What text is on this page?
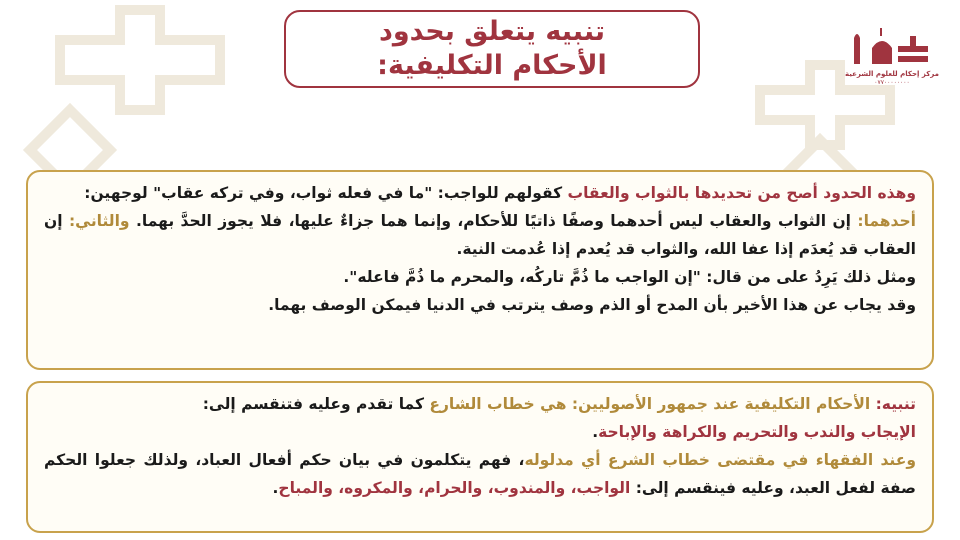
تنبيه يتعلق بحدود
الأحكام التكليفية:	مركز إحكام للعلوم الشرعية
٠٧٧٠٠٠٠٠٠٠٠

وهذه الحدود أصح من تحديدها بالثواب والعقاب كقولهم للواجب: "ما في فعله ثواب، وفي تركه عقاب" لوجهين:

أحدهما: إن الثواب والعقاب ليس أحدهما وصفًا ذاتيًا للأحكام، وإنما هما جزاءٌ عليها، فلا يجوز الحدَّ بهما. والثاني: إن العقاب قد يُعدَم إذا عفا الله، والثواب قد يُعدم إذا عُدمت النية.

ومثل ذلك يَرِدُ على من قال: "إن الواجب ما ذُمَّ تاركُه، والمحرم ما ذُمَّ فاعله".

وقد يجاب عن هذا الأخير بأن المدح أو الذم وصف يترتب في الدنيا فيمكن الوصف بهما.

تنبيه: الأحكام التكليفية عند جمهور الأصوليين: هي خطاب الشارع كما تقدم وعليه فتنقسم إلى:

الإيجاب والندب والتحريم والكراهة والإباحة.

وعند الفقهاء في مقتضى خطاب الشرع أي مدلوله، فهم يتكلمون في بيان حكم أفعال العباد، ولذلك جعلوا الحكم صفة لفعل العبد، وعليه فينقسم إلى: الواجب، والمندوب، والحرام، والمكروه، والمباح.
